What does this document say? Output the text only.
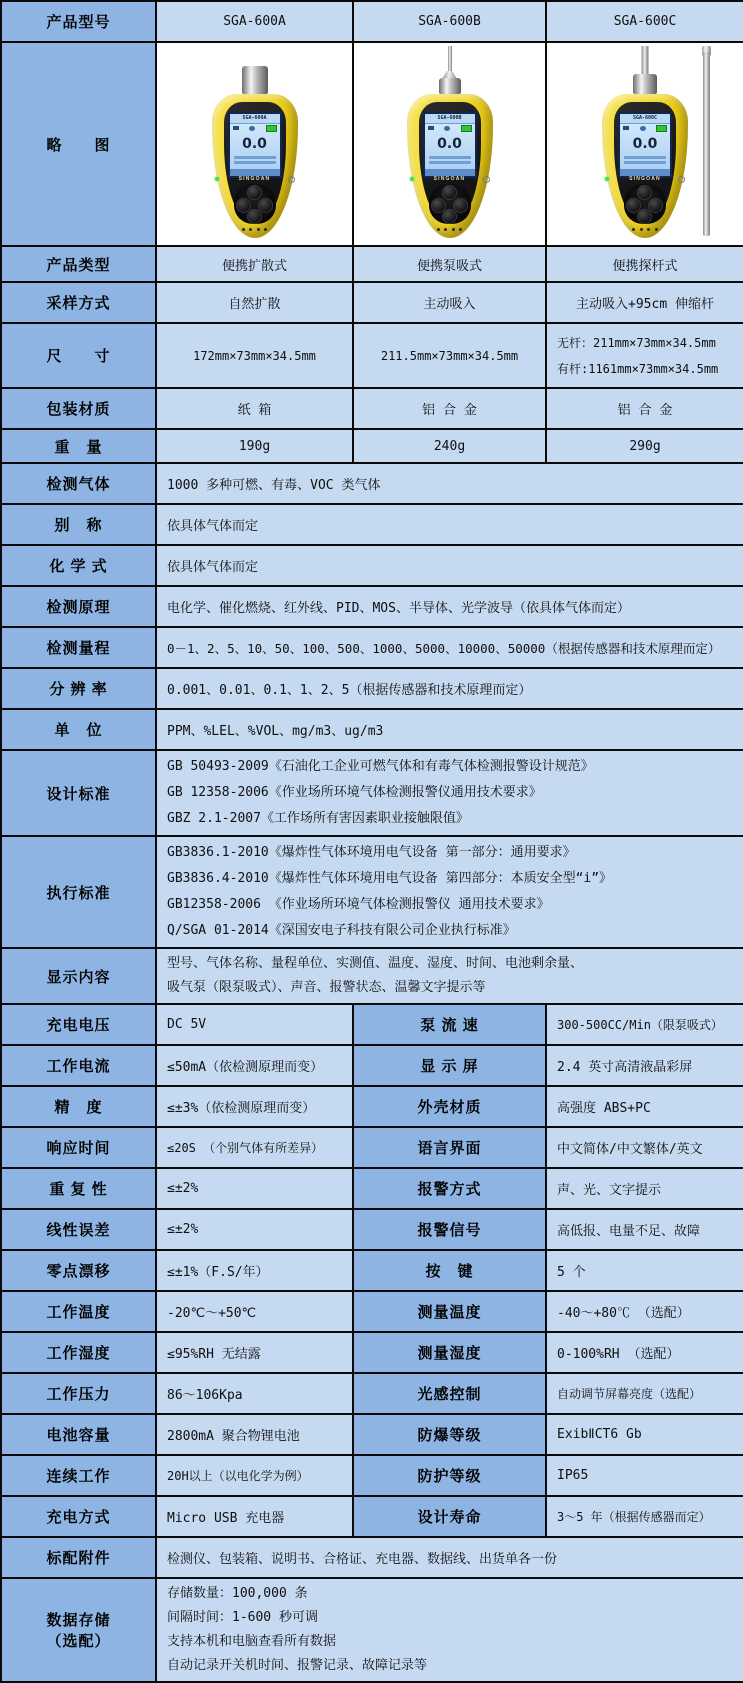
产品型号	SGA-600A	SGA-600B	SGA-600C
略　　图	
SGA-600A
0.0
SINGOAN

SGA-600B
0.0
SINGOAN

SGA-600C
0.0
SINGOAN

产品类型	便携扩散式	便携泵吸式	便携探杆式
采样方式	自然扩散	主动吸入	主动吸入+95cm 伸缩杆
尺　　寸	172mm×73mm×34.5mm	211.5mm×73mm×34.5mm	无杆：211mm×73mm×34.5mm
有杆:1161mm×73mm×34.5mm

包装材质	纸 箱	铝 合 金	铝 合 金
重　量	190g	240g	290g
检测气体	1000 多种可燃、有毒、VOC 类气体		
别　称	依具体气体而定		
化 学 式	依具体气体而定		
检测原理	电化学、催化燃烧、红外线、PID、MOS、半导体、光学波导（依具体气体而定）		
检测量程	0－1、2、5、10、50、100、500、1000、5000、10000、50000（根据传感器和技术原理而定）		
分 辨 率	0.001、0.01、0.1、1、2、5（根据传感器和技术原理而定）		
单　位	PPM、%LEL、%VOL、mg/m3、ug/m3		
设计标准	GB 50493-2009《石油化工企业可燃气体和有毒气体检测报警设计规范》
GB 12358-2006《作业场所环境气体检测报警仪通用技术要求》
GBZ 2.1-2007《工作场所有害因素职业接触限值》		

执行标准	GB3836.1-2010《爆炸性气体环境用电气设备 第一部分：通用要求》
GB3836.4-2010《爆炸性气体环境用电气设备 第四部分：本质安全型“i”》
GB12358-2006 《作业场所环境气体检测报警仪 通用技术要求》
Q/SGA 01-2014《深国安电子科技有限公司企业执行标准》		

显示内容	型号、气体名称、量程单位、实测值、温度、湿度、时间、电池剩余量、
吸气泵（限泵吸式）、声音、报警状态、温馨文字提示等		

充电电压	DC 5V	泵 流 速	300-500CC/Min（限泵吸式）
工作电流	≤50mA（依检测原理而变）	显 示 屏	2.4 英寸高清液晶彩屏
精　度	≤±3%（依检测原理而变）	外壳材质	高强度 ABS+PC
响应时间	≤20S （个别气体有所差异）	语言界面	中文简体/中文繁体/英文
重 复 性	≤±2%	报警方式	声、光、文字提示
线性误差	≤±2%	报警信号	高低报、电量不足、故障
零点漂移	≤±1%（F.S/年）	按　键	5 个
工作温度	-20℃～+50℃	测量温度	-40～+80℃ （选配）
工作湿度	≤95%RH 无结露	测量湿度	0-100%RH （选配）
工作压力	86～106Kpa	光感控制	自动调节屏幕亮度（选配）
电池容量	2800mA 聚合物锂电池	防爆等级	ExibⅡCT6 Gb
连续工作	20H以上（以电化学为例）	防护等级	IP65
充电方式	Micro USB 充电器	设计寿命	3～5 年（根据传感器而定）
标配附件	检测仪、包装箱、说明书、合格证、充电器、数据线、出货单各一份		

数据存储
（选配）

存储数量：100,000 条
间隔时间：1-600 秒可调
支持本机和电脑查看所有数据
自动记录开关机时间、报警记录、故障记录等
